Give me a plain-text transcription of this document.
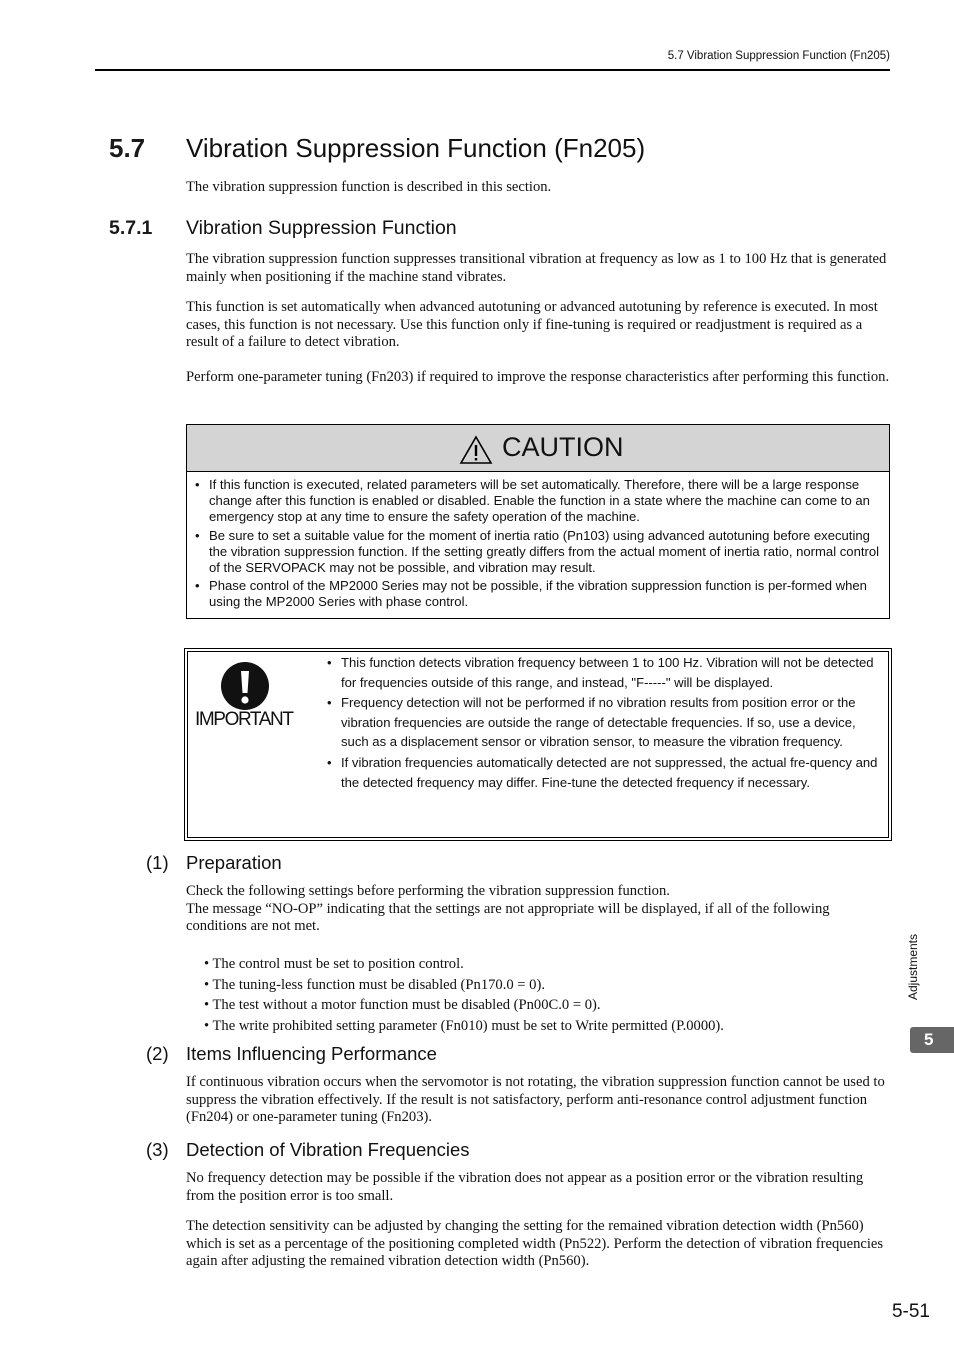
5.7 Vibration Suppression Function (Fn205)
5.7 Vibration Suppression Function (Fn205)
The vibration suppression function is described in this section.
5.7.1 Vibration Suppression Function
The vibration suppression function suppresses transitional vibration at frequency as low as 1 to 100 Hz that is generated mainly when positioning if the machine stand vibrates.
This function is set automatically when advanced autotuning or advanced autotuning by reference is executed. In most cases, this function is not necessary. Use this function only if fine-tuning is required or readjustment is required as a result of a failure to detect vibration.
Perform one-parameter tuning (Fn203) if required to improve the response characteristics after performing this function.
CAUTION
• If this function is executed, related parameters will be set automatically. Therefore, there will be a large response change after this function is enabled or disabled. Enable the function in a state where the machine can come to an emergency stop at any time to ensure the safety operation of the machine.
• Be sure to set a suitable value for the moment of inertia ratio (Pn103) using advanced autotuning before executing the vibration suppression function. If the setting greatly differs from the actual moment of inertia ratio, normal control of the SERVOPACK may not be possible, and vibration may result.
• Phase control of the MP2000 Series may not be possible, if the vibration suppression function is per-formed when using the MP2000 Series with phase control.
IMPORTANT
• This function detects vibration frequency between 1 to 100 Hz. Vibration will not be detected for frequencies outside of this range, and instead, "F-----" will be displayed.
• Frequency detection will not be performed if no vibration results from position error or the vibration frequencies are outside the range of detectable frequencies. If so, use a device, such as a displacement sensor or vibration sensor, to measure the vibration frequency.
• If vibration frequencies automatically detected are not suppressed, the actual fre-quency and the detected frequency may differ. Fine-tune the detected frequency if necessary.
(1) Preparation

Check the following settings before performing the vibration suppression function.

The message “NO-OP” indicating that the settings are not appropriate will be displayed, if all of the following conditions are not met.

• The control must be set to position control.
• The tuning-less function must be disabled (Pn170.0 = 0).
• The test without a motor function must be disabled (Pn00C.0 = 0).
• The write prohibited setting parameter (Fn010) must be set to Write permitted (P.0000).
(2) Items Influencing Performance
If continuous vibration occurs when the servomotor is not rotating, the vibration suppression function cannot be used to suppress the vibration effectively. If the result is not satisfactory, perform anti-resonance control adjustment function (Fn204) or one-parameter tuning (Fn203).
(3) Detection of Vibration Frequencies
No frequency detection may be possible if the vibration does not appear as a position error or the vibration resulting from the position error is too small.
The detection sensitivity can be adjusted by changing the setting for the remained vibration detection width (Pn560) which is set as a percentage of the positioning completed width (Pn522). Perform the detection of vibration frequencies again after adjusting the remained vibration detection width (Pn560).
Adjustments
5
5-51
